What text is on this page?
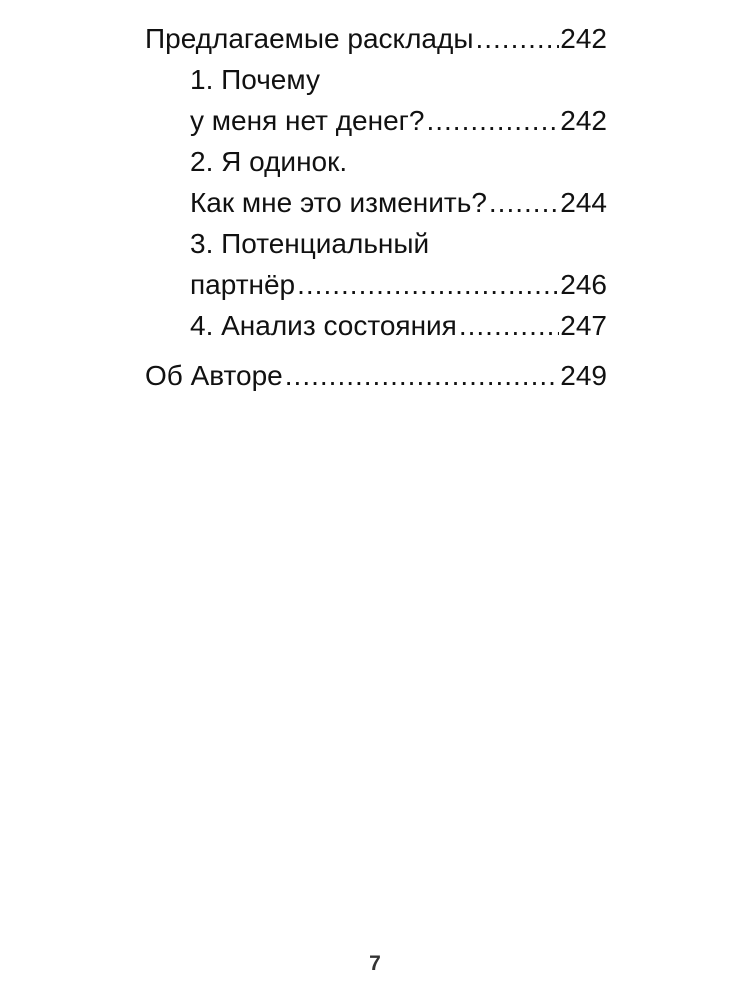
Предлагаемые расклады .....	242
1. Почему
у меня нет денег? .....	242
2. Я одинок.
Как мне это изменить? .....	244
3. Потенциальный
партнёр .....	246
4. Анализ состояния .....	247
Об Авторе .....	249
7
